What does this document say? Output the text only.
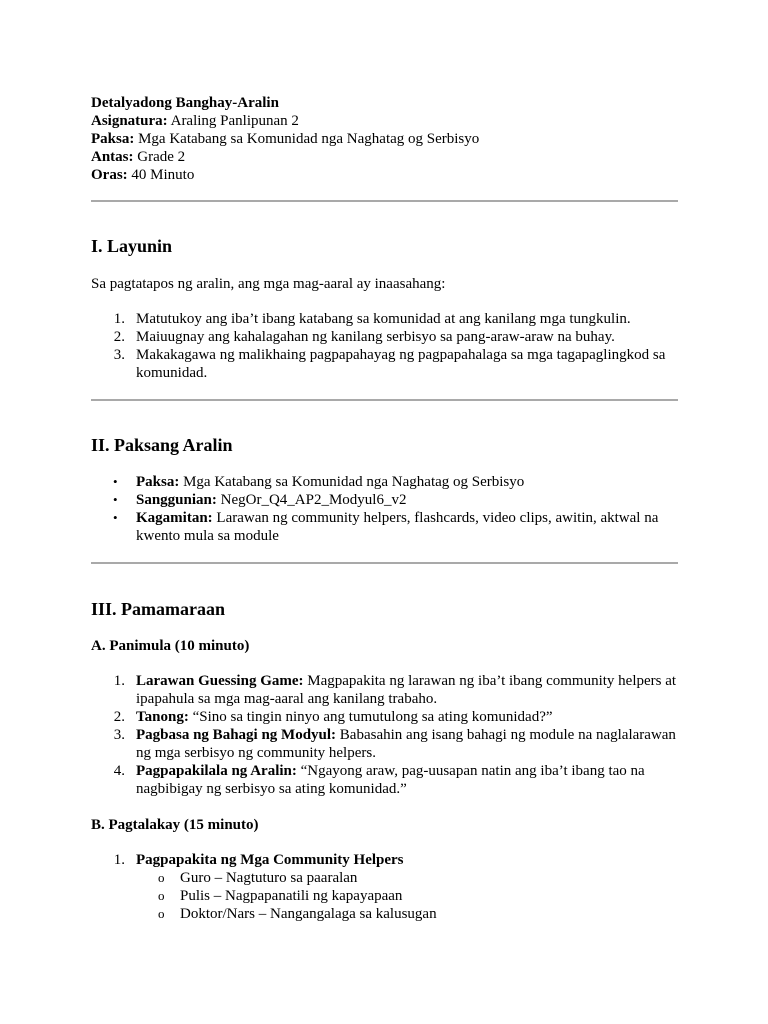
Detalyadong Banghay-Aralin
Asignatura: Araling Panlipunan 2
Paksa: Mga Katabang sa Komunidad nga Naghatag og Serbisyo
Antas: Grade 2
Oras: 40 Minuto
I. Layunin
Sa pagtatapos ng aralin, ang mga mag-aaral ay inaasahang:
1. Matutukoy ang iba’t ibang katabang sa komunidad at ang kanilang mga tungkulin.
2. Maiuugnay ang kahalagahan ng kanilang serbisyo sa pang-araw-araw na buhay.
3. Makakagawa ng malikhaing pagpapahayag ng pagpapahalaga sa mga tagapaglingkod sa komunidad.
II. Paksang Aralin
• Paksa: Mga Katabang sa Komunidad nga Naghatag og Serbisyo
• Sanggunian: NegOr_Q4_AP2_Modyul6_v2
• Kagamitan: Larawan ng community helpers, flashcards, video clips, awitin, aktwal na kwento mula sa module
III. Pamamaraan
A. Panimula (10 minuto)
1. Larawan Guessing Game: Magpapakita ng larawan ng iba’t ibang community helpers at ipapahula sa mga mag-aaral ang kanilang trabaho.
2. Tanong: “Sino sa tingin ninyo ang tumutulong sa ating komunidad?”
3. Pagbasa ng Bahagi ng Modyul: Babasahin ang isang bahagi ng module na naglalarawan ng mga serbisyo ng community helpers.
4. Pagpapakilala ng Aralin: “Ngayong araw, pag-uusapan natin ang iba’t ibang tao na nagbibigay ng serbisyo sa ating komunidad.”
B. Pagtalakay (15 minuto)
1. Pagpapakita ng Mga Community Helpers
o Guro – Nagtuturo sa paaralan
o Pulis – Nagpapanatili ng kapayapaan
o Doktor/Nars – Nangangalaga sa kalusugan
